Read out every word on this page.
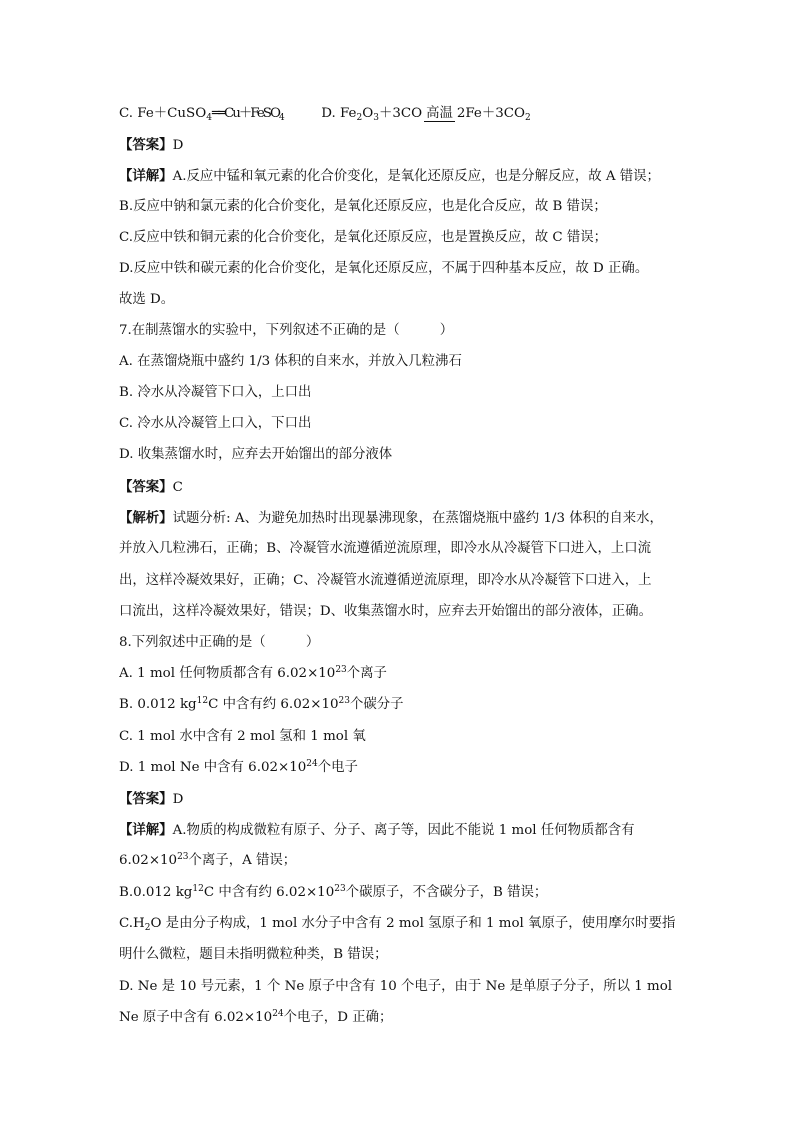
C. Fe＋CuSO$_4$══Cu＋FeSO$_4$	D. $Fe_2O_3+3CO$ 高温 $2Fe+3CO_2$
【答案】D
【详解】A.反应中锰和氧元素的化合价变化，是氧化还原反应，也是分解反应，故 A 错误；
B.反应中钠和氯元素的化合价变化，是氧化还原反应，也是化合反应，故 B 错误；
C.反应中铁和铜元素的化合价变化，是氧化还原反应，也是置换反应，故 C 错误；
D.反应中铁和碳元素的化合价变化，是氧化还原反应，不属于四种基本反应，故 D 正确。
故选 D。
7.在制蒸馏水的实验中，下列叙述不正确的是（　　　）
A. 在蒸馏烧瓶中盛约 1/3 体积的自来水，并放入几粒沸石
B. 冷水从冷凝管下口入，上口出
C. 冷水从冷凝管上口入，下口出
D. 收集蒸馏水时，应弃去开始馏出的部分液体
【答案】C
【解析】试题分析: A、为避免加热时出现暴沸现象，在蒸馏烧瓶中盛约 1/3 体积的自来水，
并放入几粒沸石，正确；B、冷凝管水流遵循逆流原理，即冷水从冷凝管下口进入，上口流
出，这样冷凝效果好，正确；C、冷凝管水流遵循逆流原理，即冷水从冷凝管下口进入，上
口流出，这样冷凝效果好，错误；D、收集蒸馏水时，应弃去开始馏出的部分液体，正确。
8.下列叙述中正确的是（　　　）
A. 1 mol 任何物质都含有 $6.02\times 10^{23}$个离子
B. 0.012 $kg^{12}C$ 中含有约 $6.02\times 10^{23}$个碳分子
C. 1 mol 水中含有 2 mol 氢和 1 mol 氧
D. 1 mol Ne 中含有 $6.02\times 10^{24}$个电子
【答案】D
【详解】A.物质的构成微粒有原子、分子、离子等，因此不能说 1 mol 任何物质都含有
$6.02\times 10^{23}$个离子，A 错误；
B.0.012 $kg^{12}C$ 中含有约 $6.02\times 10^{23}$个碳原子，不含碳分子，B 错误；
$C.H_2O$ 是由分子构成，1 mol 水分子中含有 2 mol 氢原子和 1 mol 氧原子，使用摩尔时要指
明什么微粒，题目未指明微粒种类，B 错误；
D. Ne 是 10 号元素，1 个 Ne 原子中含有 10 个电子，由于 Ne 是单原子分子，所以 1 mol
Ne 原子中含有 $6.02\times 10^{24}$个电子，D 正确；
